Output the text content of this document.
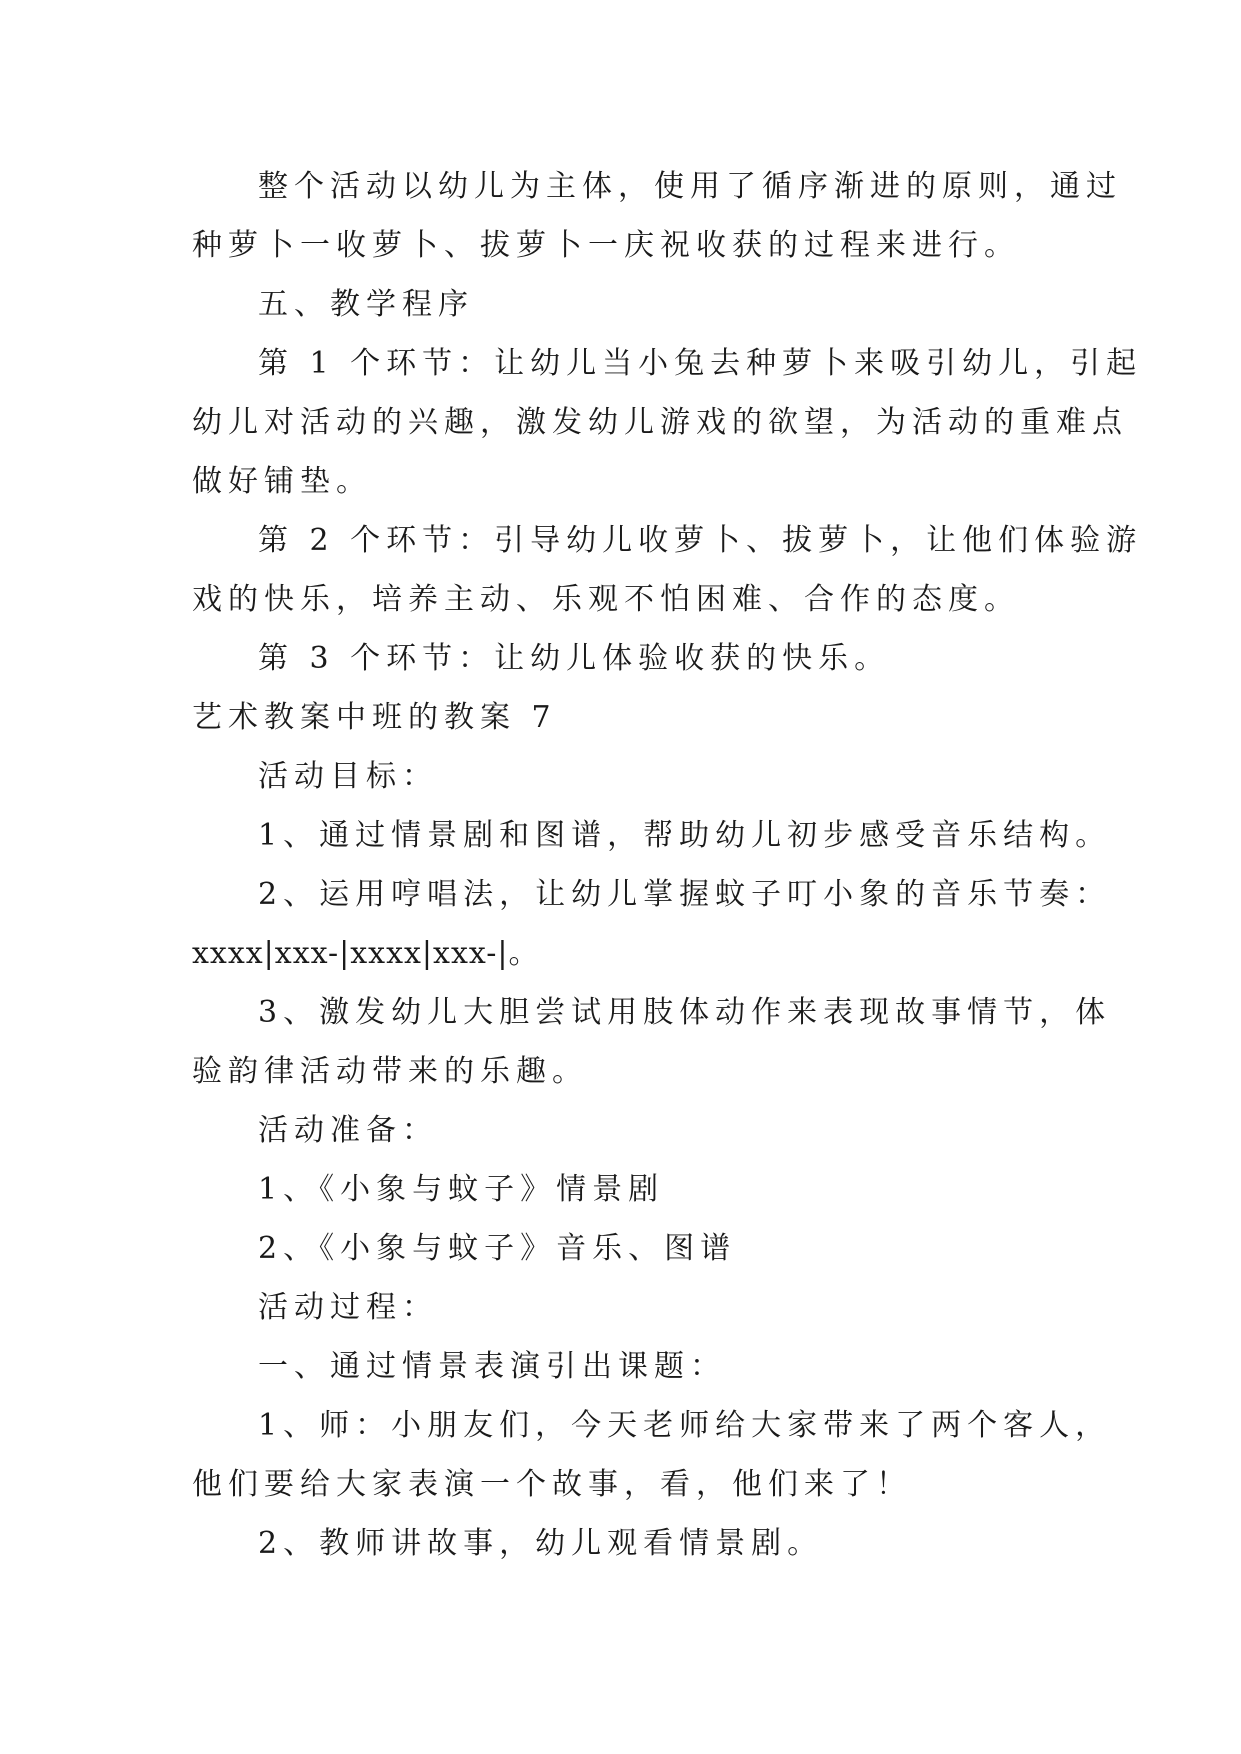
整个活动以幼儿为主体，使用了循序渐进的原则，通过

种萝卜一收萝卜、拔萝卜一庆祝收获的过程来进行。

五、教学程序

第 1 个环节：让幼儿当小兔去种萝卜来吸引幼儿，引起

幼儿对活动的兴趣，激发幼儿游戏的欲望，为活动的重难点

做好铺垫。

第 2 个环节：引导幼儿收萝卜、拔萝卜，让他们体验游

戏的快乐，培养主动、乐观不怕困难、合作的态度。

第 3 个环节：让幼儿体验收获的快乐。

艺术教案中班的教案 7

活动目标：

1、通过情景剧和图谱，帮助幼儿初步感受音乐结构。

2、运用哼唱法，让幼儿掌握蚊子叮小象的音乐节奏：

xxxx|xxx-|xxxx|xxx-|。

3、激发幼儿大胆尝试用肢体动作来表现故事情节，体

验韵律活动带来的乐趣。

活动准备：

1、《小象与蚊子》情景剧

2、《小象与蚊子》音乐、图谱

活动过程：

一、通过情景表演引出课题：

1、师：小朋友们，今天老师给大家带来了两个客人，

他们要给大家表演一个故事，看，他们来了！

2、教师讲故事，幼儿观看情景剧。
